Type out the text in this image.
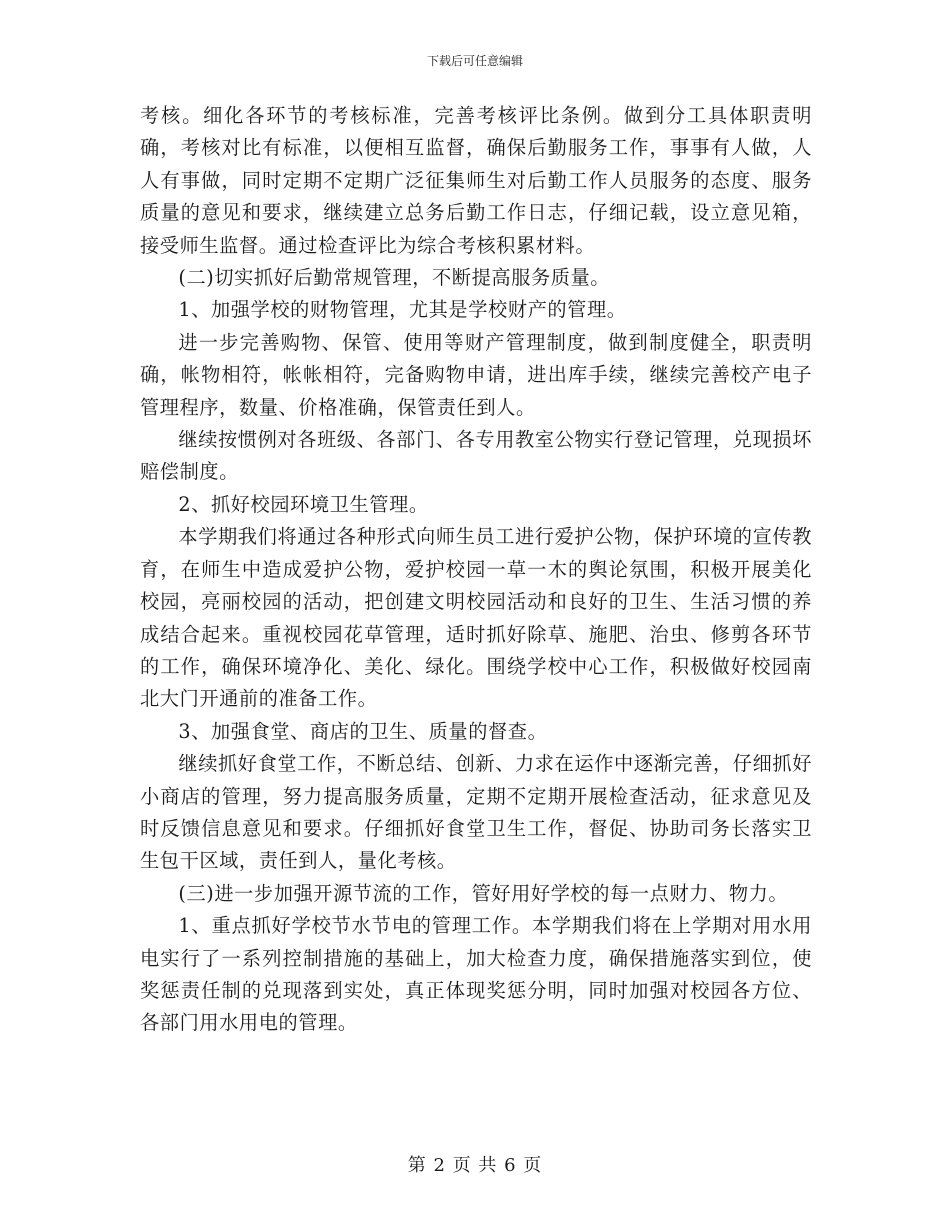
下载后可任意编辑

考核。细化各环节的考核标准，完善考核评比条例。做到分工具体职责明确，考核对比有标准，以便相互监督，确保后勤服务工作，事事有人做，人人有事做，同时定期不定期广泛征集师生对后勤工作人员服务的态度、服务质量的意见和要求，继续建立总务后勤工作日志，仔细记载，设立意见箱，接受师生监督。通过检查评比为综合考核积累材料。

(二)切实抓好后勤常规管理，不断提高服务质量。

1、加强学校的财物管理，尤其是学校财产的管理。

进一步完善购物、保管、使用等财产管理制度，做到制度健全，职责明确，帐物相符，帐帐相符，完备购物申请，进出库手续，继续完善校产电子管理程序，数量、价格准确，保管责任到人。

继续按惯例对各班级、各部门、各专用教室公物实行登记管理，兑现损坏赔偿制度。

2、抓好校园环境卫生管理。

本学期我们将通过各种形式向师生员工进行爱护公物，保护环境的宣传教育，在师生中造成爱护公物，爱护校园一草一木的舆论氛围，积极开展美化校园，亮丽校园的活动，把创建文明校园活动和良好的卫生、生活习惯的养成结合起来。重视校园花草管理，适时抓好除草、施肥、治虫、修剪各环节的工作，确保环境净化、美化、绿化。围绕学校中心工作，积极做好校园南北大门开通前的准备工作。

3、加强食堂、商店的卫生、质量的督查。

继续抓好食堂工作，不断总结、创新、力求在运作中逐渐完善，仔细抓好小商店的管理，努力提高服务质量，定期不定期开展检查活动，征求意见及时反馈信息意见和要求。仔细抓好食堂卫生工作，督促、协助司务长落实卫生包干区域，责任到人，量化考核。

(三)进一步加强开源节流的工作，管好用好学校的每一点财力、物力。

1、重点抓好学校节水节电的管理工作。本学期我们将在上学期对用水用电实行了一系列控制措施的基础上，加大检查力度，确保措施落实到位，使奖惩责任制的兑现落到实处，真正体现奖惩分明，同时加强对校园各方位、各部门用水用电的管理。

第 2 页 共 6 页
